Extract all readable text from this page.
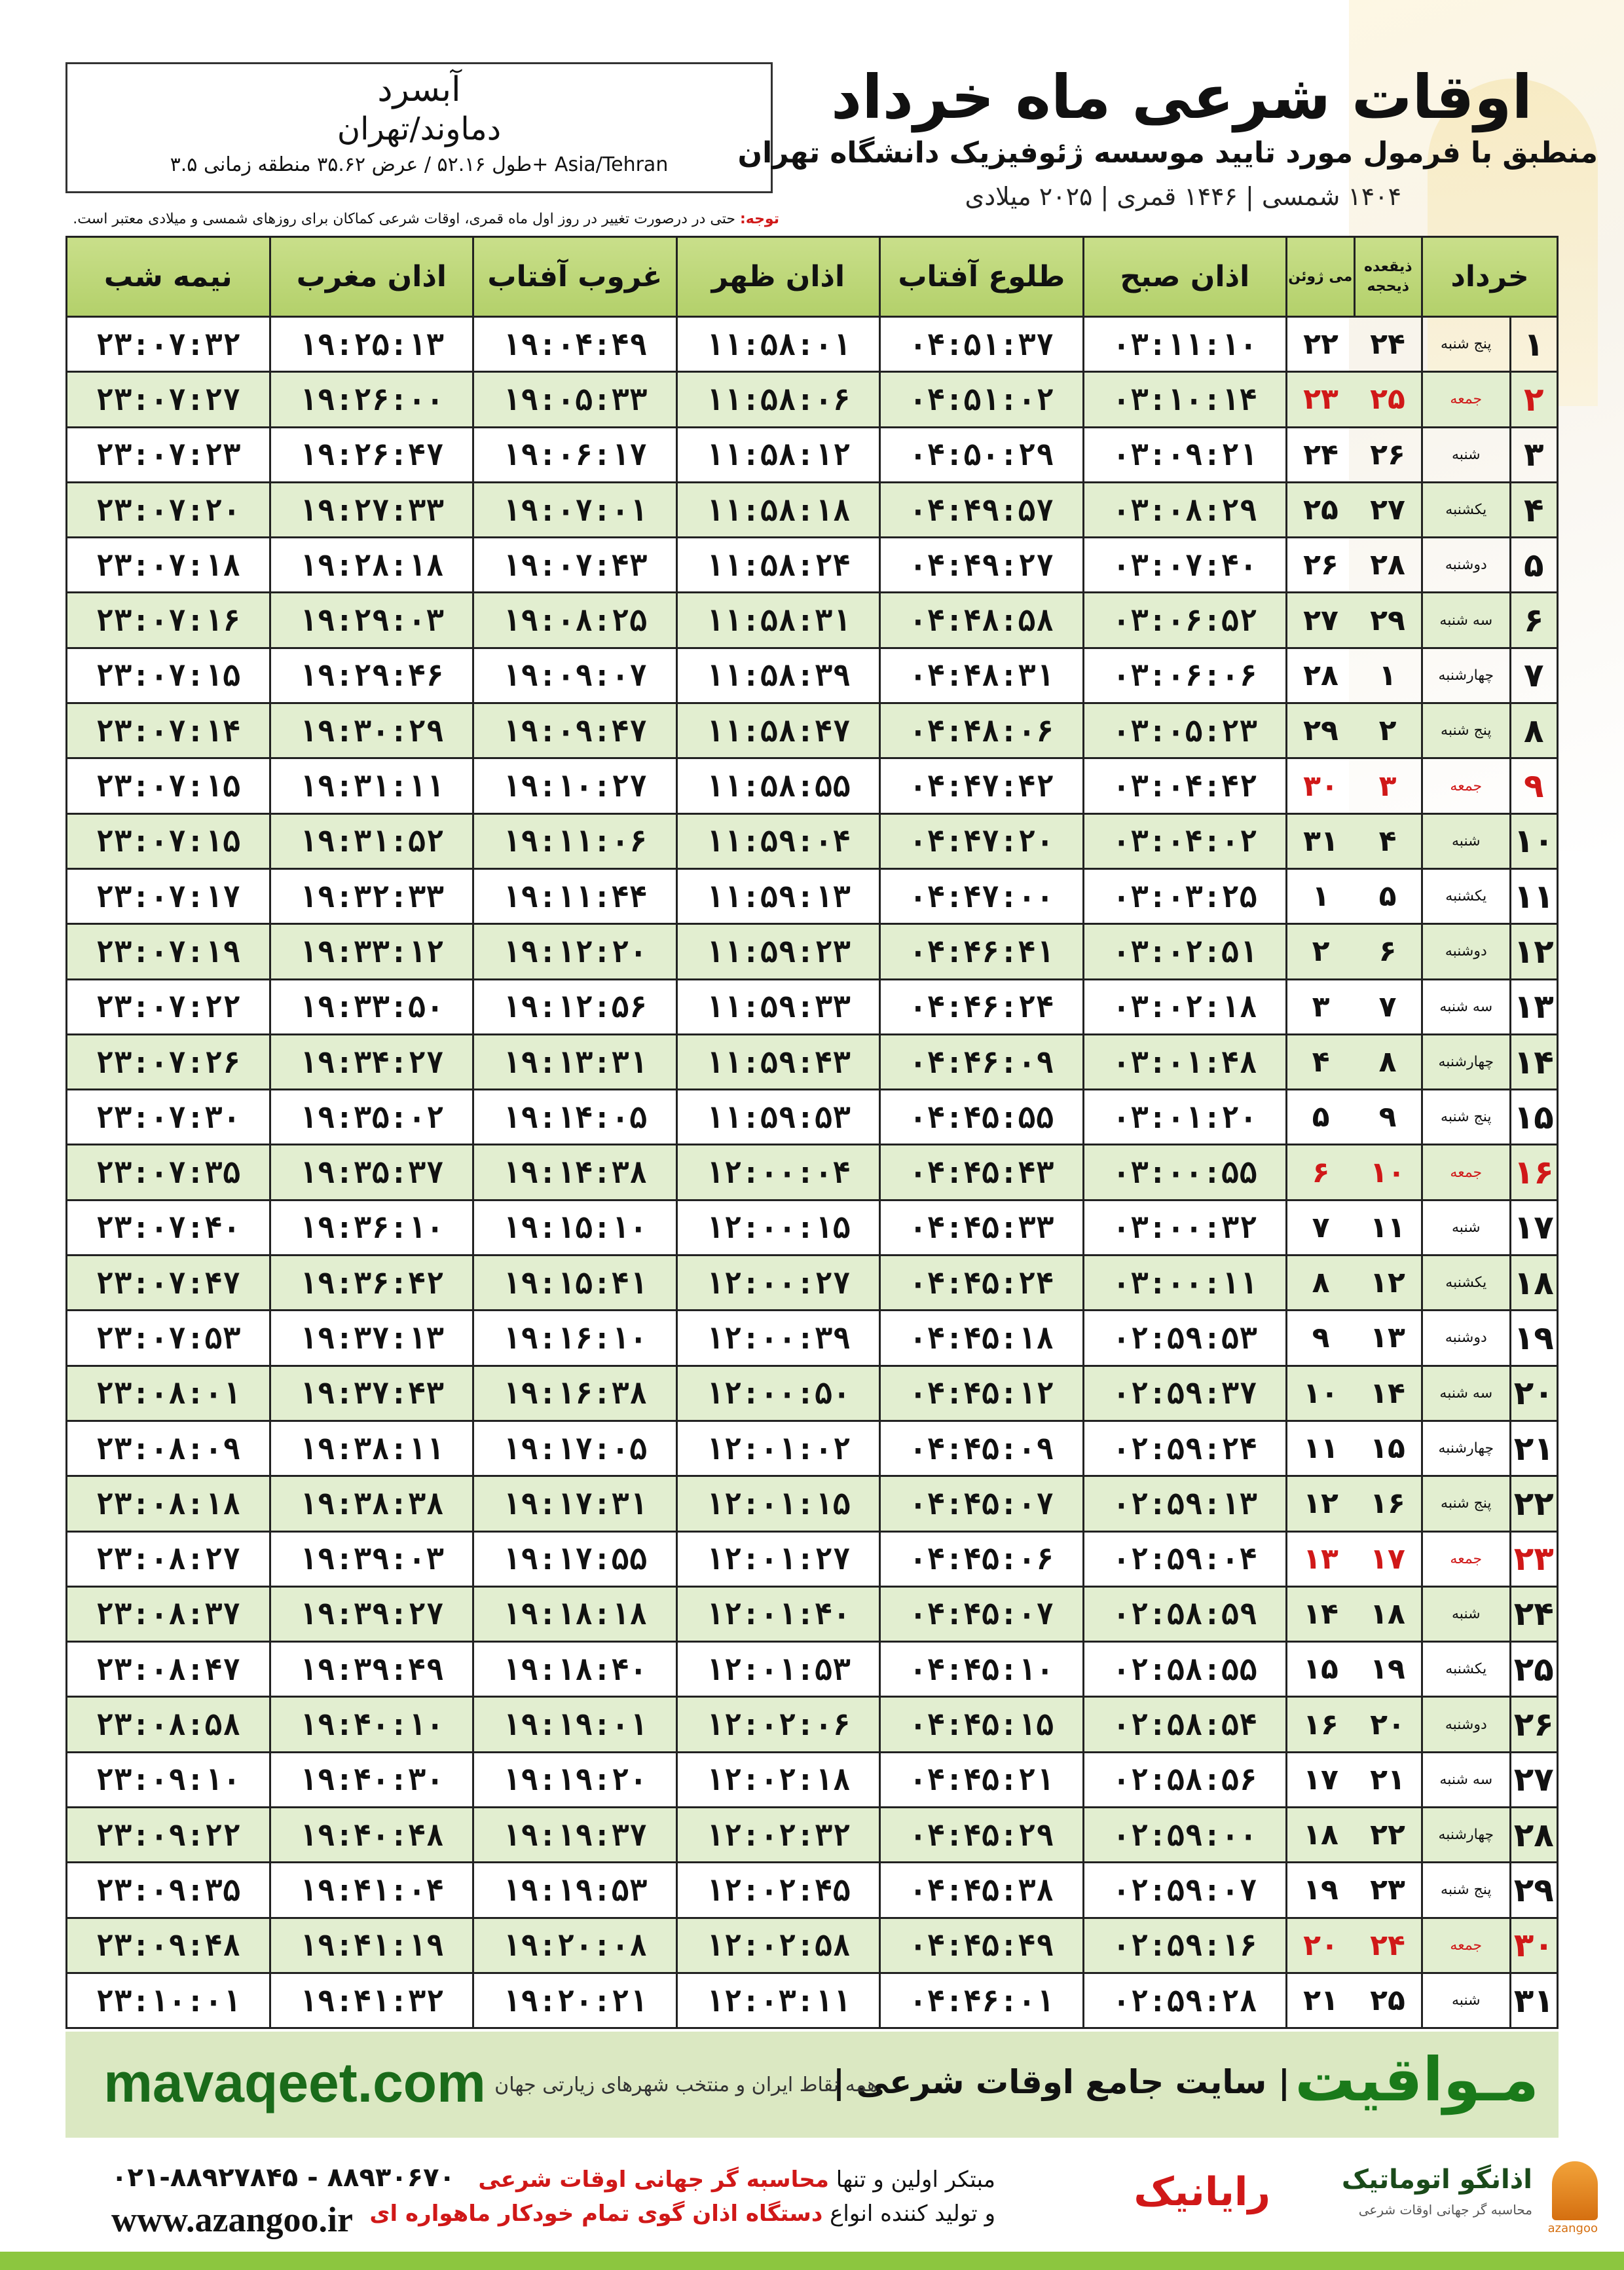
آبسرد
دماوند/تهران
طول ۵۲.۱۶ / عرض ۳۵.۶۲ منطقه زمانی ۳.۵+ Asia/Tehran
توجه: حتی در درصورت تغییر در روز اول ماه قمری، اوقات شرعی کماکان برای روزهای شمسی و میلادی معتبر است.
اوقات شرعی ماه خرداد
منطبق با فرمول مورد تایید موسسه ژئوفیزیک دانشگاه تهران
۱۴۰۴ شمسی | ۱۴۴۶ قمری | ۲۰۲۵ میلادی
خرداد		ذیقعده ذیحجه	می ژوئن	اذان صبح	طلوع آفتاب	اذان ظهر	غروب آفتاب	اذان مغرب	نیمه شب
۱	پنج شنبه	۲۴	۲۲	۰۳:۱۱:۱۰	۰۴:۵۱:۳۷	۱۱:۵۸:۰۱	۱۹:۰۴:۴۹	۱۹:۲۵:۱۳	۲۳:۰۷:۳۲
۲	جمعه	۲۵	۲۳	۰۳:۱۰:۱۴	۰۴:۵۱:۰۲	۱۱:۵۸:۰۶	۱۹:۰۵:۳۳	۱۹:۲۶:۰۰	۲۳:۰۷:۲۷
۳	شنبه	۲۶	۲۴	۰۳:۰۹:۲۱	۰۴:۵۰:۲۹	۱۱:۵۸:۱۲	۱۹:۰۶:۱۷	۱۹:۲۶:۴۷	۲۳:۰۷:۲۳
۴	یکشنبه	۲۷	۲۵	۰۳:۰۸:۲۹	۰۴:۴۹:۵۷	۱۱:۵۸:۱۸	۱۹:۰۷:۰۱	۱۹:۲۷:۳۳	۲۳:۰۷:۲۰
۵	دوشنبه	۲۸	۲۶	۰۳:۰۷:۴۰	۰۴:۴۹:۲۷	۱۱:۵۸:۲۴	۱۹:۰۷:۴۳	۱۹:۲۸:۱۸	۲۳:۰۷:۱۸
۶	سه شنبه	۲۹	۲۷	۰۳:۰۶:۵۲	۰۴:۴۸:۵۸	۱۱:۵۸:۳۱	۱۹:۰۸:۲۵	۱۹:۲۹:۰۳	۲۳:۰۷:۱۶
۷	چهارشنبه	۱	۲۸	۰۳:۰۶:۰۶	۰۴:۴۸:۳۱	۱۱:۵۸:۳۹	۱۹:۰۹:۰۷	۱۹:۲۹:۴۶	۲۳:۰۷:۱۵
۸	پنج شنبه	۲	۲۹	۰۳:۰۵:۲۳	۰۴:۴۸:۰۶	۱۱:۵۸:۴۷	۱۹:۰۹:۴۷	۱۹:۳۰:۲۹	۲۳:۰۷:۱۴
۹	جمعه	۳	۳۰	۰۳:۰۴:۴۲	۰۴:۴۷:۴۲	۱۱:۵۸:۵۵	۱۹:۱۰:۲۷	۱۹:۳۱:۱۱	۲۳:۰۷:۱۵
۱۰	شنبه	۴	۳۱	۰۳:۰۴:۰۲	۰۴:۴۷:۲۰	۱۱:۵۹:۰۴	۱۹:۱۱:۰۶	۱۹:۳۱:۵۲	۲۳:۰۷:۱۵
۱۱	یکشنبه	۵	۱	۰۳:۰۳:۲۵	۰۴:۴۷:۰۰	۱۱:۵۹:۱۳	۱۹:۱۱:۴۴	۱۹:۳۲:۳۳	۲۳:۰۷:۱۷
۱۲	دوشنبه	۶	۲	۰۳:۰۲:۵۱	۰۴:۴۶:۴۱	۱۱:۵۹:۲۳	۱۹:۱۲:۲۰	۱۹:۳۳:۱۲	۲۳:۰۷:۱۹
۱۳	سه شنبه	۷	۳	۰۳:۰۲:۱۸	۰۴:۴۶:۲۴	۱۱:۵۹:۳۳	۱۹:۱۲:۵۶	۱۹:۳۳:۵۰	۲۳:۰۷:۲۲
۱۴	چهارشنبه	۸	۴	۰۳:۰۱:۴۸	۰۴:۴۶:۰۹	۱۱:۵۹:۴۳	۱۹:۱۳:۳۱	۱۹:۳۴:۲۷	۲۳:۰۷:۲۶
۱۵	پنج شنبه	۹	۵	۰۳:۰۱:۲۰	۰۴:۴۵:۵۵	۱۱:۵۹:۵۳	۱۹:۱۴:۰۵	۱۹:۳۵:۰۲	۲۳:۰۷:۳۰
۱۶	جمعه	۱۰	۶	۰۳:۰۰:۵۵	۰۴:۴۵:۴۳	۱۲:۰۰:۰۴	۱۹:۱۴:۳۸	۱۹:۳۵:۳۷	۲۳:۰۷:۳۵
۱۷	شنبه	۱۱	۷	۰۳:۰۰:۳۲	۰۴:۴۵:۳۳	۱۲:۰۰:۱۵	۱۹:۱۵:۱۰	۱۹:۳۶:۱۰	۲۳:۰۷:۴۰
۱۸	یکشنبه	۱۲	۸	۰۳:۰۰:۱۱	۰۴:۴۵:۲۴	۱۲:۰۰:۲۷	۱۹:۱۵:۴۱	۱۹:۳۶:۴۲	۲۳:۰۷:۴۷
۱۹	دوشنبه	۱۳	۹	۰۲:۵۹:۵۳	۰۴:۴۵:۱۸	۱۲:۰۰:۳۹	۱۹:۱۶:۱۰	۱۹:۳۷:۱۳	۲۳:۰۷:۵۳
۲۰	سه شنبه	۱۴	۱۰	۰۲:۵۹:۳۷	۰۴:۴۵:۱۲	۱۲:۰۰:۵۰	۱۹:۱۶:۳۸	۱۹:۳۷:۴۳	۲۳:۰۸:۰۱
۲۱	چهارشنبه	۱۵	۱۱	۰۲:۵۹:۲۴	۰۴:۴۵:۰۹	۱۲:۰۱:۰۲	۱۹:۱۷:۰۵	۱۹:۳۸:۱۱	۲۳:۰۸:۰۹
۲۲	پنج شنبه	۱۶	۱۲	۰۲:۵۹:۱۳	۰۴:۴۵:۰۷	۱۲:۰۱:۱۵	۱۹:۱۷:۳۱	۱۹:۳۸:۳۸	۲۳:۰۸:۱۸
۲۳	جمعه	۱۷	۱۳	۰۲:۵۹:۰۴	۰۴:۴۵:۰۶	۱۲:۰۱:۲۷	۱۹:۱۷:۵۵	۱۹:۳۹:۰۳	۲۳:۰۸:۲۷
۲۴	شنبه	۱۸	۱۴	۰۲:۵۸:۵۹	۰۴:۴۵:۰۷	۱۲:۰۱:۴۰	۱۹:۱۸:۱۸	۱۹:۳۹:۲۷	۲۳:۰۸:۳۷
۲۵	یکشنبه	۱۹	۱۵	۰۲:۵۸:۵۵	۰۴:۴۵:۱۰	۱۲:۰۱:۵۳	۱۹:۱۸:۴۰	۱۹:۳۹:۴۹	۲۳:۰۸:۴۷
۲۶	دوشنبه	۲۰	۱۶	۰۲:۵۸:۵۴	۰۴:۴۵:۱۵	۱۲:۰۲:۰۶	۱۹:۱۹:۰۱	۱۹:۴۰:۱۰	۲۳:۰۸:۵۸
۲۷	سه شنبه	۲۱	۱۷	۰۲:۵۸:۵۶	۰۴:۴۵:۲۱	۱۲:۰۲:۱۸	۱۹:۱۹:۲۰	۱۹:۴۰:۳۰	۲۳:۰۹:۱۰
۲۸	چهارشنبه	۲۲	۱۸	۰۲:۵۹:۰۰	۰۴:۴۵:۲۹	۱۲:۰۲:۳۲	۱۹:۱۹:۳۷	۱۹:۴۰:۴۸	۲۳:۰۹:۲۲
۲۹	پنج شنبه	۲۳	۱۹	۰۲:۵۹:۰۷	۰۴:۴۵:۳۸	۱۲:۰۲:۴۵	۱۹:۱۹:۵۳	۱۹:۴۱:۰۴	۲۳:۰۹:۳۵
۳۰	جمعه	۲۴	۲۰	۰۲:۵۹:۱۶	۰۴:۴۵:۴۹	۱۲:۰۲:۵۸	۱۹:۲۰:۰۸	۱۹:۴۱:۱۹	۲۳:۰۹:۴۸
۳۱	شنبه	۲۵	۲۱	۰۲:۵۹:۲۸	۰۴:۴۶:۰۱	۱۲:۰۳:۱۱	۱۹:۲۰:۲۱	۱۹:۴۱:۳۲	۲۳:۱۰:۰۱
mavaqeet.com	مـواقیت
| سایت جامع اوقات شرعی |
همه نقاط ایران و منتخب شهرهای زیارتی جهان
۰۲۱-۸۸۹۲۷۸۴۵ - ۸۸۹۳۰۶۷۰
www.azangoo.ir
مبتکر اولین و تنها محاسبه گر جهانی اوقات شرعی
و تولید کننده انواع دستگاه اذان گوی تمام خودکار ماهواره ای	رایانیک	اذانگو اتوماتیک
محاسبه گر جهانی اوقات شرعی
azangoo
